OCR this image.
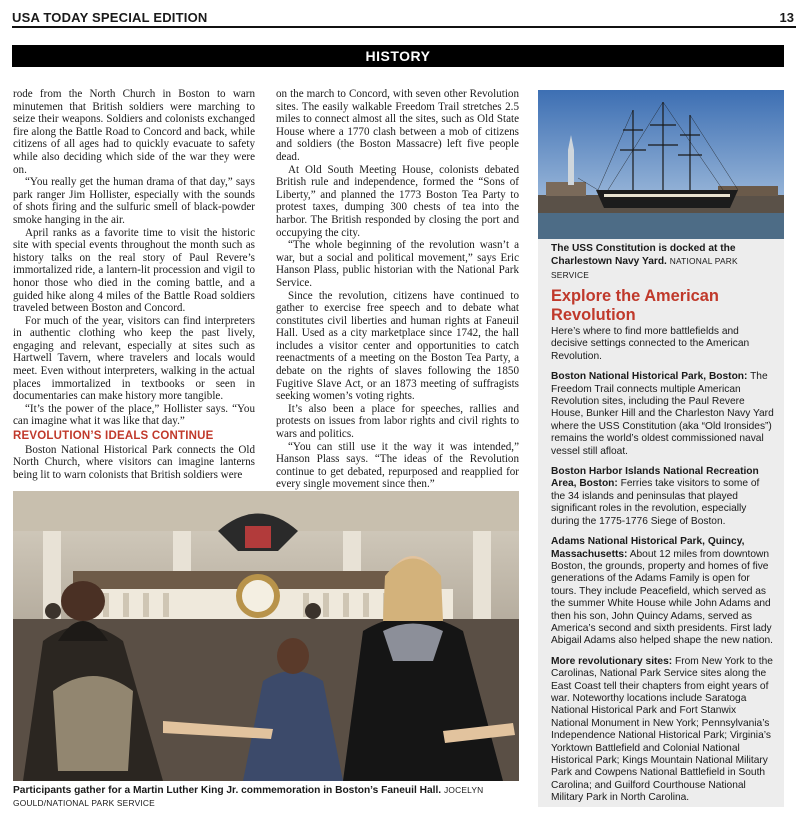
USA TODAY SPECIAL EDITION	13
HISTORY

rode from the North Church in Boston to warn minutemen that British soldiers were marching to seize their weapons. Soldiers and colonists exchanged fire along the Battle Road to Concord and back, while citizens of all ages had to quickly evacuate to safety while also deciding which side of the war they were on.

“You really get the human drama of that day,” says park ranger Jim Hollister, especially with the sounds of shots firing and the sulfuric smell of black-powder smoke hanging in the air.

April ranks as a favorite time to visit the historic site with special events throughout the month such as history talks on the real story of Paul Revere’s immortalized ride, a lantern-lit procession and vigil to honor those who died in the coming battle, and a guided hike along 4 miles of the Battle Road soldiers traveled between Boston and Concord.

For much of the year, visitors can find interpreters in authentic clothing who keep the past lively, engaging and relevant, especially at sites such as Hartwell Tavern, where travelers and locals would meet. Even without interpreters, walking in the actual places immortalized in textbooks or seen in documentaries can make history more tangible.

“It’s the power of the place,” Hollister says. “You can imagine what it was like that day.”

REVOLUTION’S IDEALS CONTINUE

Boston National Historical Park connects the Old North Church, where visitors can imagine lanterns being lit to warn colonists that British soldiers were

on the march to Concord, with seven other Revolution sites. The easily walkable Freedom Trail stretches 2.5 miles to connect almost all the sites, such as Old State House where a 1770 clash between a mob of citizens and soldiers (the Boston Massacre) left five people dead.

At Old South Meeting House, colonists debated British rule and independence, formed the “Sons of Liberty,” and planned the 1773 Boston Tea Party to protest taxes, dumping 300 chests of tea into the harbor. The British responded by closing the port and occupying the city.

“The whole beginning of the revolution wasn’t a war, but a social and political movement,” says Eric Hanson Plass, public historian with the National Park Service.

Since the revolution, citizens have continued to gather to exercise free speech and to debate what constitutes civil liberties and human rights at Faneuil Hall. Used as a city marketplace since 1742, the hall includes a visitor center and opportunities to catch reenactments of a meeting on the Boston Tea Party, a debate on the rights of slaves following the 1850 Fugitive Slave Act, or an 1873 meeting of suffragists seeking women’s voting rights.

It’s also been a place for speeches, rallies and protests on issues from labor rights and civil rights to wars and politics.

“You can still use it the way it was intended,” Hanson Plass says. “The ideas of the Revolution continue to get debated, repurposed and reapplied for every single movement since then.”

Participants gather for a Martin Luther King Jr. commemoration in Boston’s Faneuil Hall. JOCELYN GOULD/NATIONAL PARK SERVICE
The USS Constitution is docked at the Charlestown Navy Yard. NATIONAL PARK SERVICE
Explore the American Revolution

Here’s where to find more battlefields and decisive settings connected to the American Revolution.

Boston National Historical Park, Boston: The Freedom Trail connects multiple American Revolution sites, including the Paul Revere House, Bunker Hill and the Charleston Navy Yard where the USS Constitution (aka “Old Ironsides”) remains the world’s oldest commissioned naval vessel still afloat.

Boston Harbor Islands National Recreation Area, Boston: Ferries take visitors to some of the 34 islands and peninsulas that played significant roles in the revolution, especially during the 1775-1776 Siege of Boston.

Adams National Historical Park, Quincy, Massachusetts: About 12 miles from downtown Boston, the grounds, property and homes of five generations of the Adams Family is open for tours. They include Peacefield, which served as the summer White House while John Adams and then his son, John Quincy Adams, served as America’s second and sixth presidents. First lady Abigail Adams also helped shape the new nation.

More revolutionary sites: From New York to the Carolinas, National Park Service sites along the East Coast tell their chapters from eight years of war. Noteworthy locations include Saratoga National Historical Park and Fort Stanwix National Monument in New York; Pennsylvania’s Independence National Historical Park; Virginia’s Yorktown Battlefield and Colonial National Historical Park; Kings Mountain National Military Park and Cowpens National Battlefield in South Carolina; and Guilford Courthouse National Military Park in North Carolina.
